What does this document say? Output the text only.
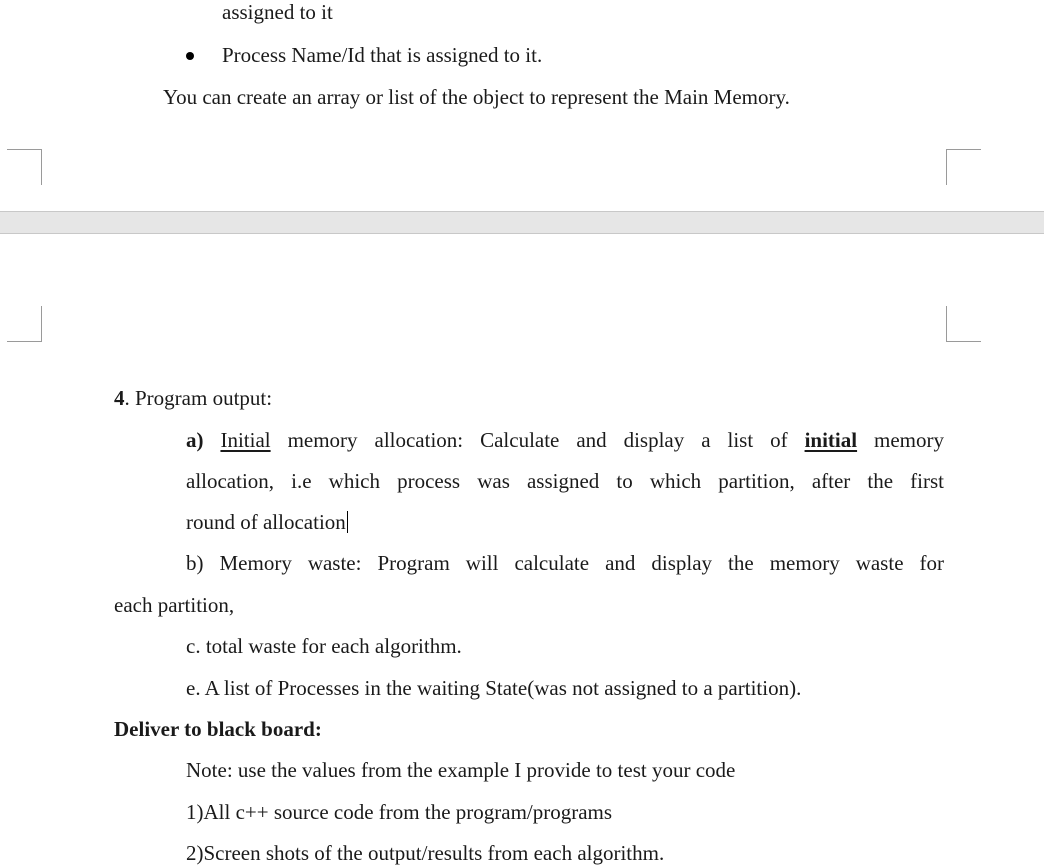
assigned to it
Process Name/Id that is assigned to it.
You can create an array or list of the object to represent the Main Memory.
4. Program output:
a) Initial memory allocation: Calculate and display a list of initial memory
allocation, i.e which process was assigned to which partition, after the first
round of allocation
b) Memory waste: Program will calculate and display the memory waste for
each partition,
c. total waste for each algorithm.
e. A list of Processes in the waiting State(was not assigned to a partition).
Deliver to black board:
Note: use the values from the example I provide to test your code
1)All c++ source code from the program/programs
2)Screen shots of the output/results from each algorithm.
